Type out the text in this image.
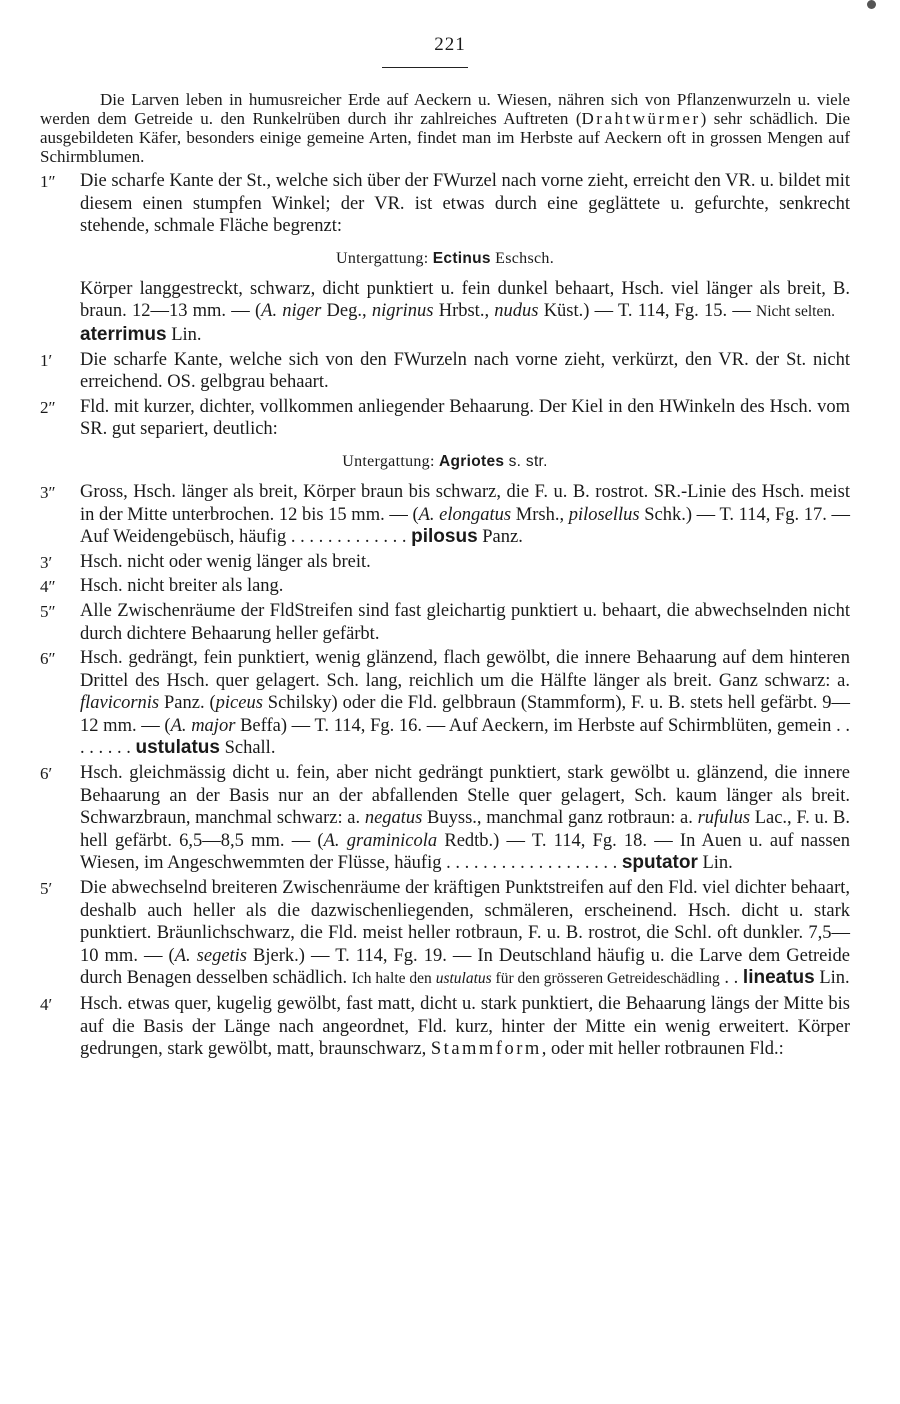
221

Die Larven leben in humusreicher Erde auf Aeckern u. Wiesen, nähren sich von Pflanzenwurzeln u. viele werden dem Getreide u. den Runkelrüben durch ihr zahlreiches Auftreten (Drahtwürmer) sehr schädlich. Die ausgebildeten Käfer, besonders einige gemeine Arten, findet man im Herbste auf Aeckern oft in grossen Mengen auf Schirmblumen.

1″	Die scharfe Kante der St., welche sich über der FWurzel nach vorne zieht, erreicht den VR. u. bildet mit diesem einen stumpfen Winkel; der VR. ist etwas durch eine geglättete u. gefurchte, senkrecht stehende, schmale Fläche begrenzt:
Untergattung: Ectinus Eschsch.

Körper langgestreckt, schwarz, dicht punktiert u. fein dunkel behaart, Hsch. viel länger als breit, B. braun. 12—13 mm. — (A. niger Deg., nigrinus Hrbst., nudus Küst.) — T. 114, Fg. 15. — Nicht selten.    aterrimus Lin.

1′	Die scharfe Kante, welche sich von den FWurzeln nach vorne zieht, verkürzt, den VR. der St. nicht erreichend. OS. gelbgrau behaart.
2″	Fld. mit kurzer, dichter, vollkommen anliegender Behaarung. Der Kiel in den HWinkeln des Hsch. vom SR. gut separiert, deutlich:
Untergattung: Agriotes s. str.
3″	Gross, Hsch. länger als breit, Körper braun bis schwarz, die F. u. B. rostrot. SR.-Linie des Hsch. meist in der Mitte unterbrochen. 12 bis 15 mm. — (A. elongatus Mrsh., pilosellus Schk.) — T. 114, Fg. 17. — Auf Weidengebüsch, häufig . . . . . . . . . . . . . pilosus Panz.
3′	Hsch. nicht oder wenig länger als breit.
4″	Hsch. nicht breiter als lang.
5″	Alle Zwischenräume der FldStreifen sind fast gleichartig punktiert u. behaart, die abwechselnden nicht durch dichtere Behaarung heller gefärbt.
6″	Hsch. gedrängt, fein punktiert, wenig glänzend, flach gewölbt, die innere Behaarung auf dem hinteren Drittel des Hsch. quer gelagert. Sch. lang, reichlich um die Hälfte länger als breit. Ganz schwarz: a. flavicornis Panz. (piceus Schilsky) oder die Fld. gelbbraun (Stammform), F. u. B. stets hell gefärbt. 9—12 mm. — (A. major Beffa) — T. 114, Fg. 16. — Auf Aeckern, im Herbste auf Schirmblüten, gemein . . . . . . . . ustulatus Schall.
6′	Hsch. gleichmässig dicht u. fein, aber nicht gedrängt punktiert, stark gewölbt u. glänzend, die innere Behaarung an der Basis nur an der abfallenden Stelle quer gelagert, Sch. kaum länger als breit. Schwarzbraun, manchmal schwarz: a. negatus Buyss., manchmal ganz rotbraun: a. rufulus Lac., F. u. B. hell gefärbt. 6,5—8,5 mm. — (A. graminicola Redtb.) — T. 114, Fg. 18. — In Auen u. auf nassen Wiesen, im Angeschwemmten der Flüsse, häufig . . . . . . . . . . . . . . . . . . . sputator Lin.
5′	Die abwechselnd breiteren Zwischenräume der kräftigen Punktstreifen auf den Fld. viel dichter behaart, deshalb auch heller als die dazwischenliegenden, schmäleren, erscheinend. Hsch. dicht u. stark punktiert. Bräunlichschwarz, die Fld. meist heller rotbraun, F. u. B. rostrot, die Schl. oft dunkler. 7,5—10 mm. — (A. segetis Bjerk.) — T. 114, Fg. 19. — In Deutschland häufig u. die Larve dem Getreide durch Benagen desselben schädlich. Ich halte den ustulatus für den grösseren Getreideschädling . . lineatus Lin.
4′	Hsch. etwas quer, kugelig gewölbt, fast matt, dicht u. stark punktiert, die Behaarung längs der Mitte bis auf die Basis der Länge nach angeordnet, Fld. kurz, hinter der Mitte ein wenig erweitert. Körper gedrungen, stark gewölbt, matt, braunschwarz, Stammform, oder mit heller rotbraunen Fld.:
